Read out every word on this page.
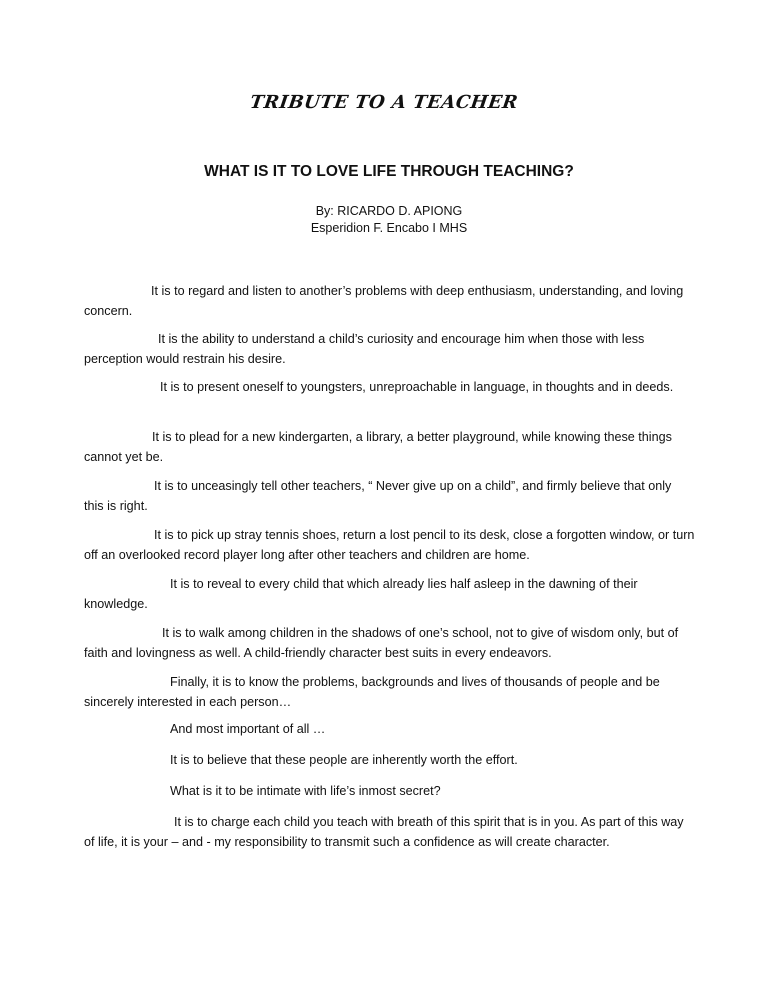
TRIBUTE TO A TEACHER
WHAT IS IT TO LOVE LIFE THROUGH TEACHING?
By: RICARDO D. APIONG
Esperidion F. Encabo I MHS

It is to regard and listen to another’s problems with deep enthusiasm, understanding, and loving concern.

It is the ability to understand a child’s curiosity and encourage him when those with less perception would restrain his desire.

It is to present oneself to youngsters, unreproachable in language, in thoughts and in deeds.

It is to plead for a new kindergarten, a library, a better playground, while knowing these things cannot yet be.

It is to unceasingly tell other teachers, “ Never give up on a child”, and firmly believe that only this is right.

It is to pick up stray tennis shoes, return a lost pencil to its desk, close a forgotten window, or turn off an overlooked record player long after other teachers and children are home.

It is to reveal to every child that which already lies half asleep in the dawning of their knowledge.

It is to walk among children in the shadows of one’s school, not to give of wisdom only, but of faith and lovingness as well. A child-friendly character best suits in every endeavors.

Finally, it is to know the problems, backgrounds and lives of thousands of people and be sincerely interested in each person…

And most important of all …

It is to believe that these people are inherently worth the effort.

What is it to be intimate with life’s inmost secret?

It is to charge each child you teach with breath of this spirit that is in you. As part of this way of life, it is your – and - my responsibility to transmit such a confidence as will create character.
